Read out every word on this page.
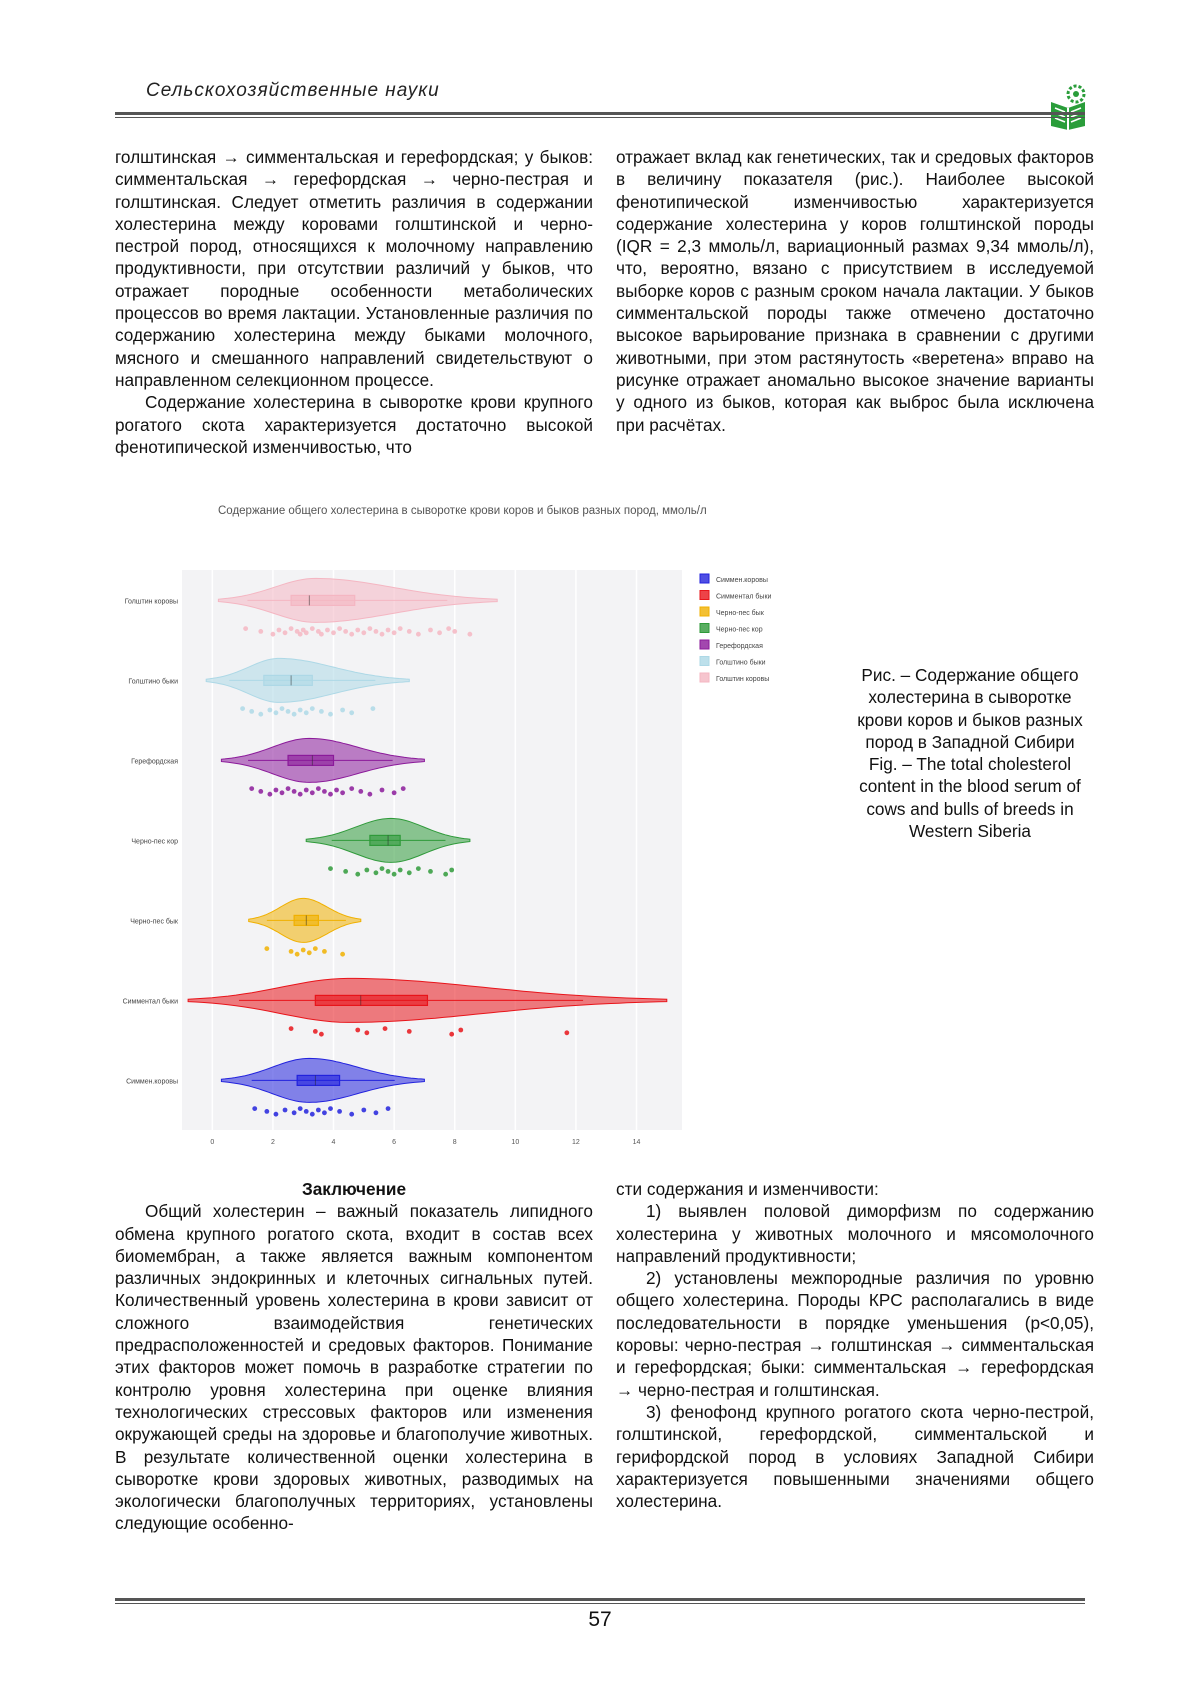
Сельскохозяйственные науки

голштинская → симментальская и герефордская; у быков: симментальская → герефордская → черно-пестрая и голштинская. Следует отметить различия в содержании холестерина между коровами голштинской и черно-пестрой пород, относящихся к молочному направлению продуктивности, при отсутствии различий у быков, что отражает породные особенности метаболических процессов во время лактации. Установленные различия по содержанию холестерина между быками молочного, мясного и смешанного направлений свидетельствуют о направленном селекционном процессе.

Содержание холестерина в сыворотке крови крупного рогатого скота характеризуется достаточно высокой фенотипической изменчивостью, что

отражает вклад как генетических, так и средовых факторов в величину показателя (рис.). Наиболее высокой фенотипической изменчивостью характеризуется содержание холестерина у коров голштинской породы (IQR = 2,3 ммоль/л, вариационный размах 9,34 ммоль/л), что, вероятно, вязано с присутствием в исследуемой выборке коров с разным сроком начала лактации. У быков симментальской породы также отмечено достаточно высокое варьирование признака в сравнении с другими животными, при этом растянутость «веретена» вправо на рисунке отражает аномально высокое значение варианты у одного из быков, которая как выброс была исключена при расчётах.

Содержание общего холестерина в сыворотке крови коров и быков разных пород, ммоль/л
0	2	4	6	8	10	12	14
Голштин коровы
Голштино быки
Герефордская
Черно-пес кор
Черно-пес бык
Симментал быки
Симмен.коровы
Симмен.коровы
Симментал быки
Черно-пес бык
Черно-пес кор
Герефордская
Голштино быки
Голштин коровы	Рис. – Содержание общего холестерина в сыворотке крови коров и быков разных пород в Западной Сибири

Fig. – The total cholesterol content in the blood serum of cows and bulls of breeds in Western Siberia

Заключение

Общий холестерин – важный показатель липидного обмена крупного рогатого скота, входит в состав всех биомембран, а также является важным компонентом различных эндокринных и клеточных сигнальных путей. Количественный уровень холестерина в крови зависит от сложного взаимодействия генетических предрасположенностей и средовых факторов. Понимание этих факторов может помочь в разработке стратегии по контролю уровня холестерина при оценке влияния технологических стрессовых факторов или изменения окружающей среды на здоровье и благополучие животных. В результате количественной оценки холестерина в сыворотке крови здоровых животных, разводимых на экологически благополучных территориях, установлены следующие особенно-

сти содержания и изменчивости:

1) выявлен половой диморфизм по содержанию холестерина у животных молочного и мясомолочного направлений продуктивности;

2) установлены межпородные различия по уровню общего холестерина. Породы КРС располагались в виде последовательности в порядке уменьшения (р<0,05), коровы: черно-пестрая → голштинская → симментальская и герефордская; быки: симментальская → герефордская → черно-пестрая и голштинская.

3) фенофонд крупного рогатого скота черно-пестрой, голштинской, герефордской, симментальской и герифордской пород в условиях Западной Сибири характеризуется повышенными значениями общего холестерина.

57
